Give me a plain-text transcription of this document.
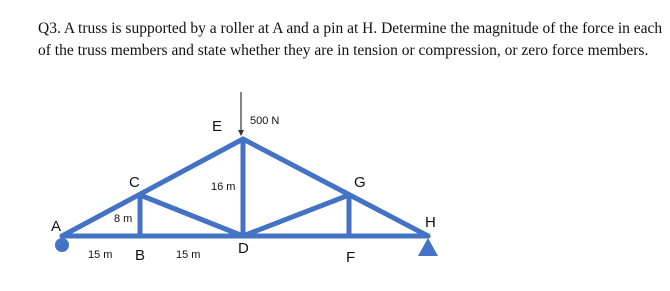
Q3. A truss is supported by a roller at A and a pin at H. Determine the magnitude of the force in each of the truss members and state whether they are in tension or compression, or zero force members.
500 N
A
B
C
D
E
F
G
H
15 m	15 m
8 m
16 m
